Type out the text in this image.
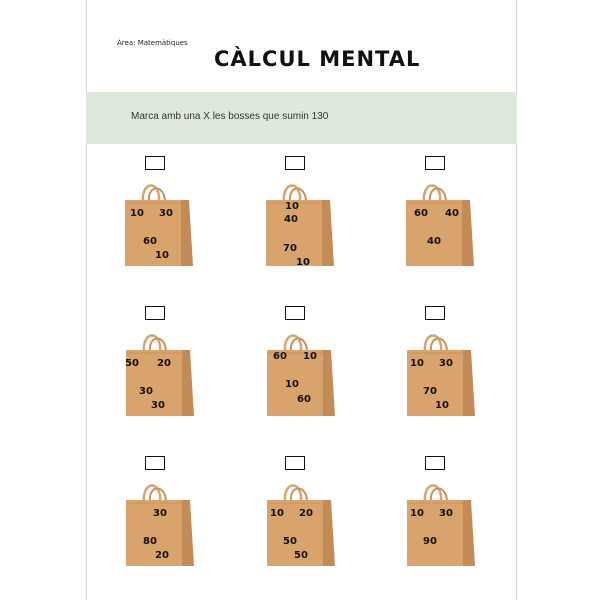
Àrea: Matemàtiques
CÀLCUL MENTAL
Marca amb una X les bosses que sumin 130
10 30
60
10
10
40
70
10
60 40
40
50 20
30
30
60 10
10
60
10 30
70
10
30
80
20
10 20
50
50
10 30
90
